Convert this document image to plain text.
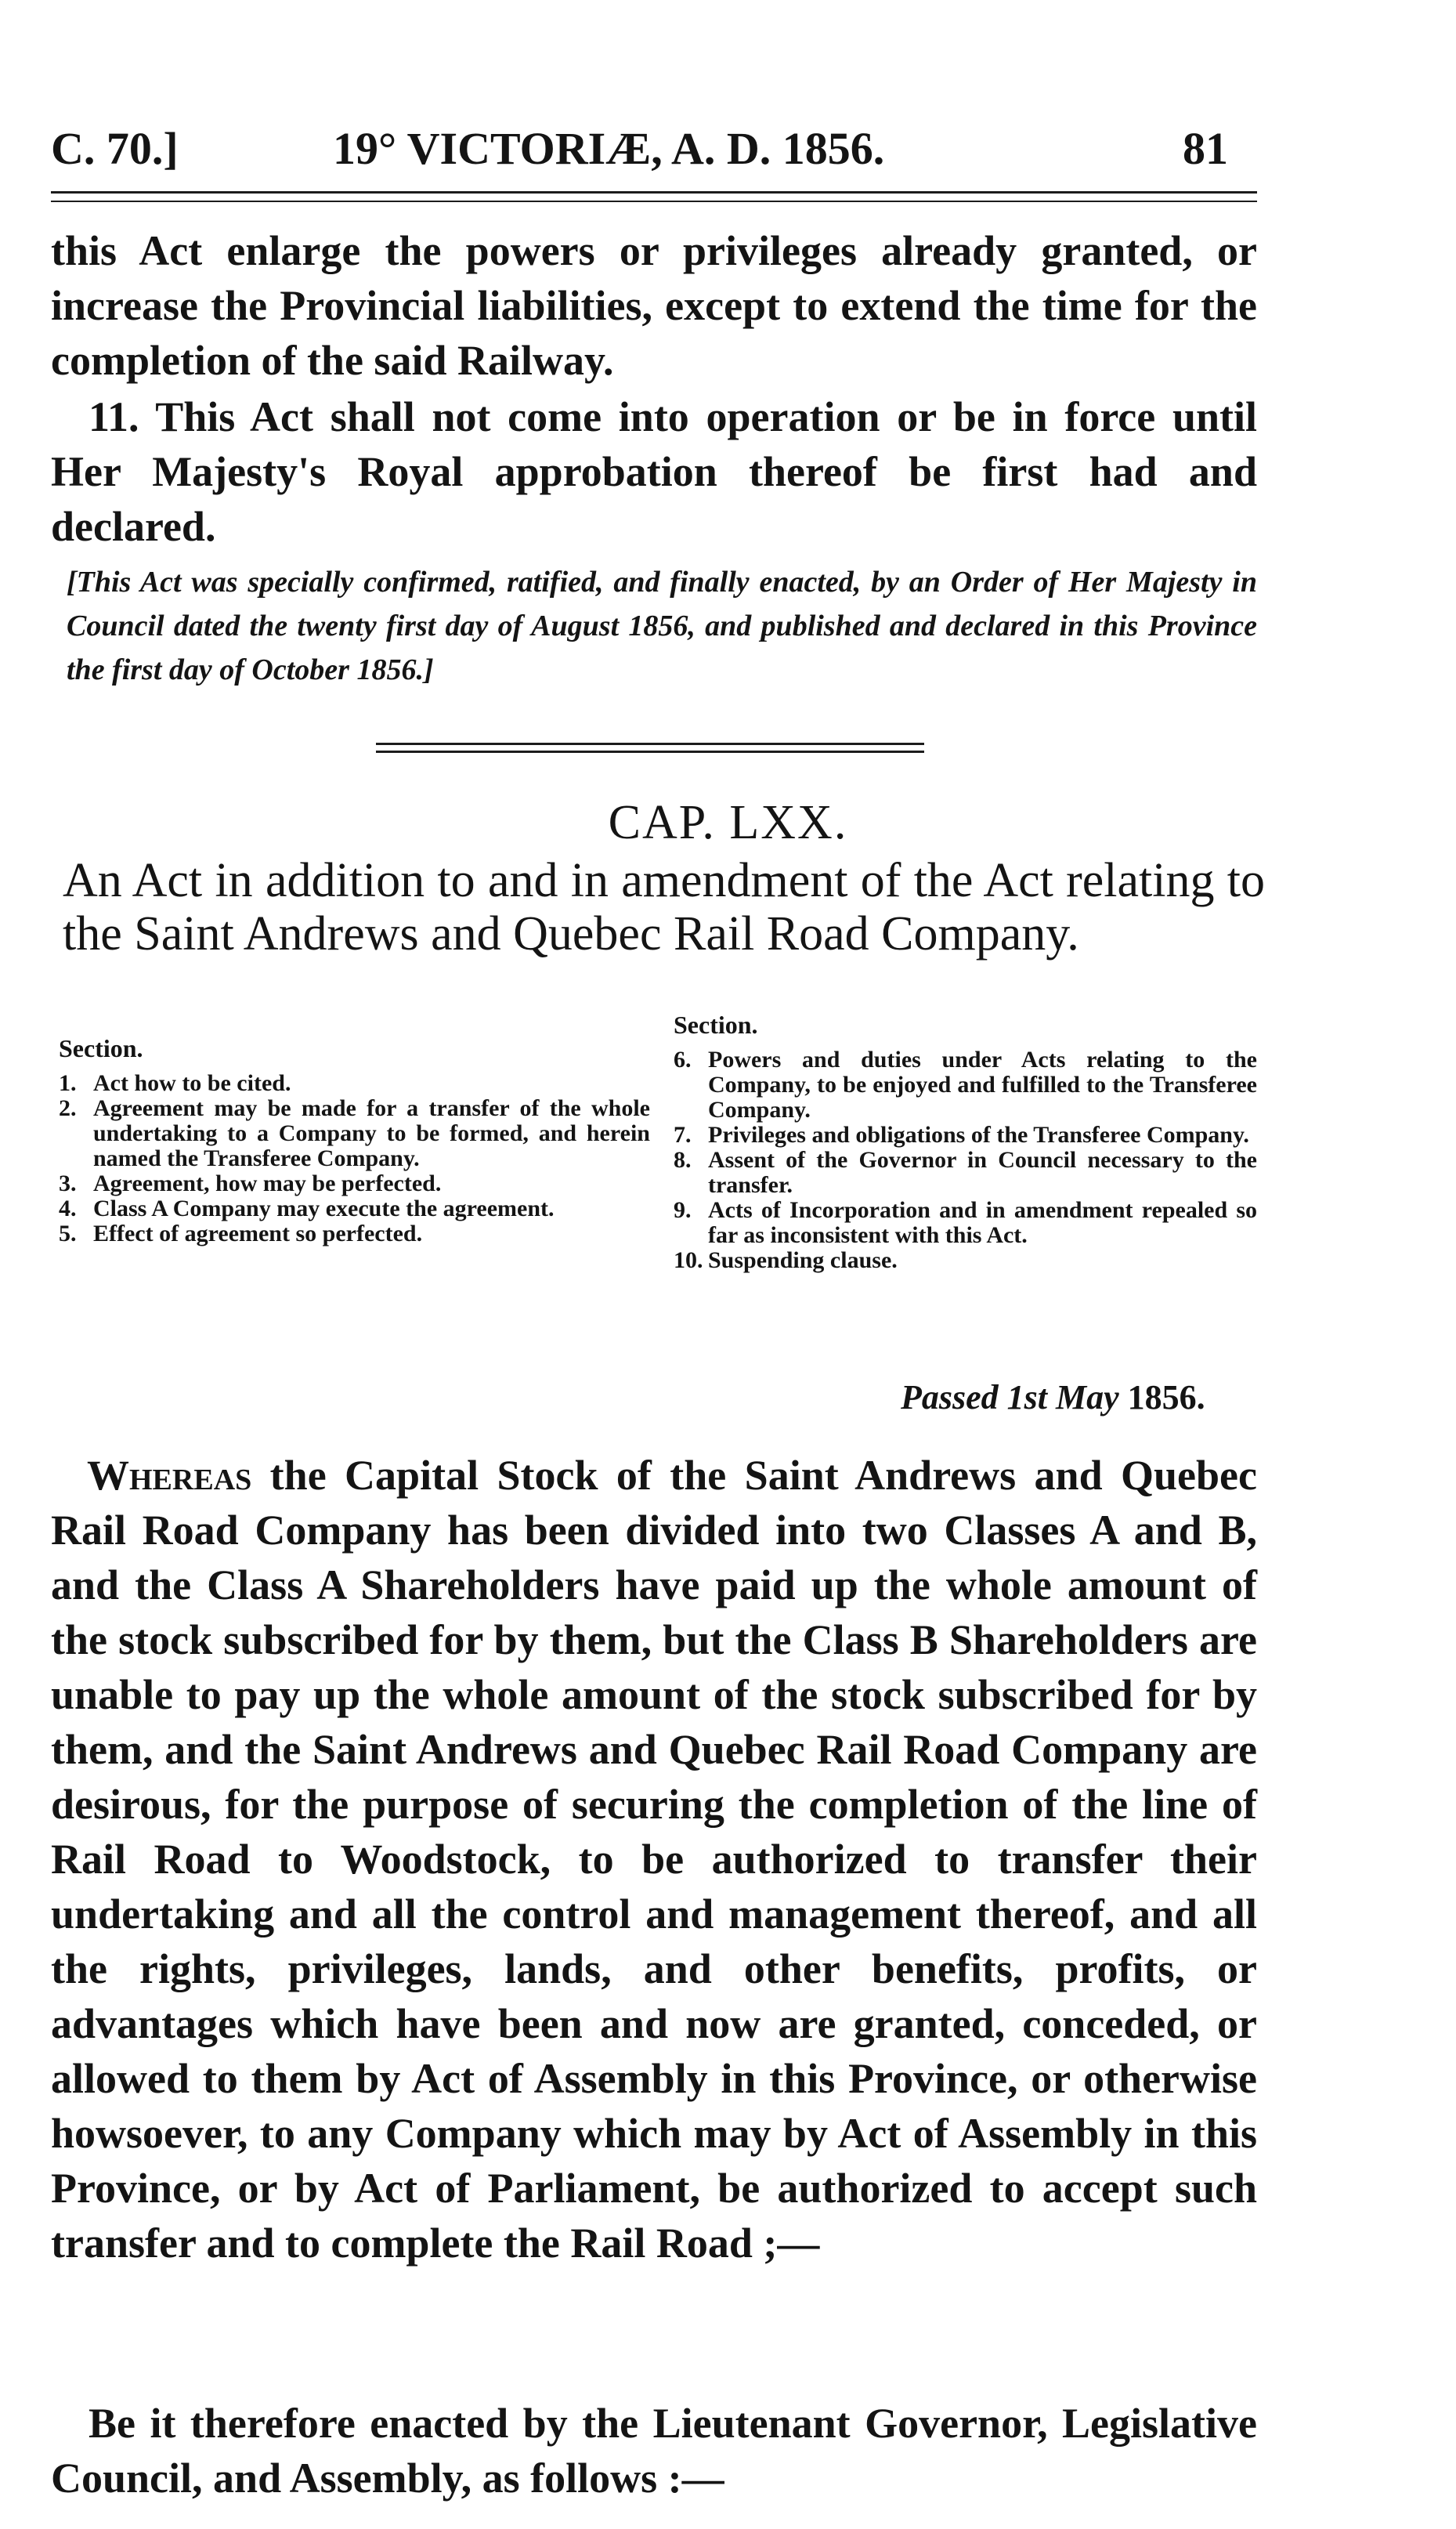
C. 70.]	19° VICTORIÆ, A. D. 1856.	81

this Act enlarge the powers or privileges already granted, or increase the Provincial liabilities, except to extend the time for the completion of the said Railway.

11. This Act shall not come into operation or be in force until Her Majesty's Royal approbation thereof be first had and declared.

[This Act was specially confirmed, ratified, and finally enacted, by an Order of Her Majesty in Council dated the twenty first day of August 1856, and published and declared in this Province the first day of October 1856.]

CAP. LXX.

An Act in addition to and in amendment of the Act relating to the Saint Andrews and Quebec Rail Road Company.

Section.
1. Act how to be cited.
2. Agreement may be made for a transfer of the whole undertaking to a Company to be formed, and herein named the Transferee Company.
3. Agreement, how may be perfected.
4. Class A Company may execute the agreement.
5. Effect of agreement so perfected.
Section.
6. Powers and duties under Acts relating to the Company, to be enjoyed and fulfilled to the Transferee Company.
7. Privileges and obligations of the Transferee Company.
8. Assent of the Governor in Council necessary to the transfer.
9. Acts of Incorporation and in amendment repealed so far as inconsistent with this Act.
10. Suspending clause.
Passed 1st May 1856.

Whereas the Capital Stock of the Saint Andrews and Quebec Rail Road Company has been divided into two Classes A and B, and the Class A Shareholders have paid up the whole amount of the stock subscribed for by them, but the Class B Shareholders are unable to pay up the whole amount of the stock subscribed for by them, and the Saint Andrews and Quebec Rail Road Company are desirous, for the purpose of securing the completion of the line of Rail Road to Woodstock, to be authorized to transfer their undertaking and all the control and management thereof, and all the rights, privileges, lands, and other benefits, profits, or advantages which have been and now are granted, conceded, or allowed to them by Act of Assembly in this Province, or otherwise howsoever, to any Company which may by Act of Assembly in this Province, or by Act of Parliament, be authorized to accept such transfer and to complete the Rail Road ;—

Be it therefore enacted by the Lieutenant Governor, Legislative Council, and Assembly, as follows :—
